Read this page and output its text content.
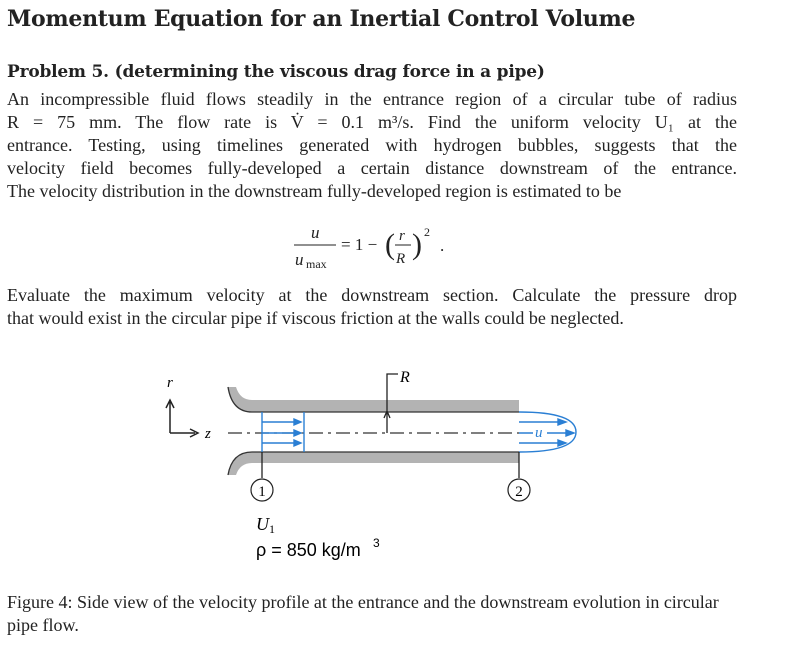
Momentum Equation for an Inertial Control Volume
Problem 5. (determining the viscous drag force in a pipe)
An incompressible fluid flows steadily in the entrance region of a circular tube of radius
R = 75 mm. The flow rate is V̇ = 0.1 m³/s. Find the uniform velocity U₁ at the
entrance. Testing, using timelines generated with hydrogen bubbles, suggests that the
velocity field becomes fully-developed a certain distance downstream of the entrance.
The velocity distribution in the downstream fully-developed region is estimated to be
u
u max
= 1 − ( r
R ) 2
.
r
z	u
R
1	2
U 1
ρ = 850 kg/m 3
Evaluate the maximum velocity at the downstream section. Calculate the pressure drop
that would exist in the circular pipe if viscous friction at the walls could be neglected.
Figure 4: Side view of the velocity profile at the entrance and the downstream evolution in circular pipe flow.
